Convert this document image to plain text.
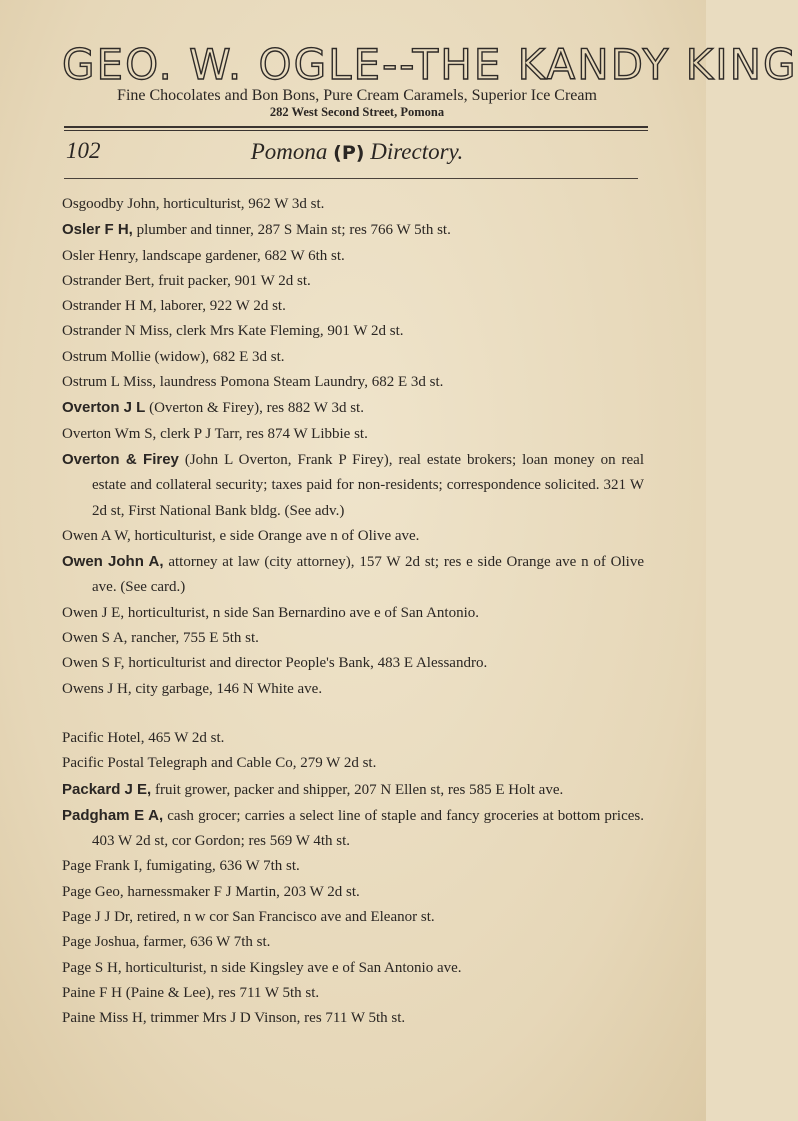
GEO. W. OGLE--THE KANDY KING
Fine Chocolates and Bon Bons, Pure Cream Caramels, Superior Ice Cream
282 West Second Street, Pomona
102	Pomona (P) Directory.
Osgoodby John, horticulturist, 962 W 3d st.
Osler F H, plumber and tinner, 287 S Main st; res 766 W 5th st.
Osler Henry, landscape gardener, 682 W 6th st.
Ostrander Bert, fruit packer, 901 W 2d st.
Ostrander H M, laborer, 922 W 2d st.
Ostrander N Miss, clerk Mrs Kate Fleming, 901 W 2d st.
Ostrum Mollie (widow), 682 E 3d st.
Ostrum L Miss, laundress Pomona Steam Laundry, 682 E 3d st.
Overton J L (Overton & Firey), res 882 W 3d st.
Overton Wm S, clerk P J Tarr, res 874 W Libbie st.
Overton & Firey (John L Overton, Frank P Firey), real estate brokers; loan money on real estate and collateral security; taxes paid for non-residents; correspondence solicited. 321 W 2d st, First National Bank bldg. (See adv.)
Owen A W, horticulturist, e side Orange ave n of Olive ave.
Owen John A, attorney at law (city attorney), 157 W 2d st; res e side Orange ave n of Olive ave. (See card.)
Owen J E, horticulturist, n side San Bernardino ave e of San Antonio.
Owen S A, rancher, 755 E 5th st.
Owen S F, horticulturist and director People's Bank, 483 E Alessandro.
Owens J H, city garbage, 146 N White ave.
Pacific Hotel, 465 W 2d st.
Pacific Postal Telegraph and Cable Co, 279 W 2d st.
Packard J E, fruit grower, packer and shipper, 207 N Ellen st, res 585 E Holt ave.
Padgham E A, cash grocer; carries a select line of staple and fancy groceries at bottom prices. 403 W 2d st, cor Gordon; res 569 W 4th st.
Page Frank I, fumigating, 636 W 7th st.
Page Geo, harnessmaker F J Martin, 203 W 2d st.
Page J J Dr, retired, n w cor San Francisco ave and Eleanor st.
Page Joshua, farmer, 636 W 7th st.
Page S H, horticulturist, n side Kingsley ave e of San Antonio ave.
Paine F H (Paine & Lee), res 711 W 5th st.
Paine Miss H, trimmer Mrs J D Vinson, res 711 W 5th st.
